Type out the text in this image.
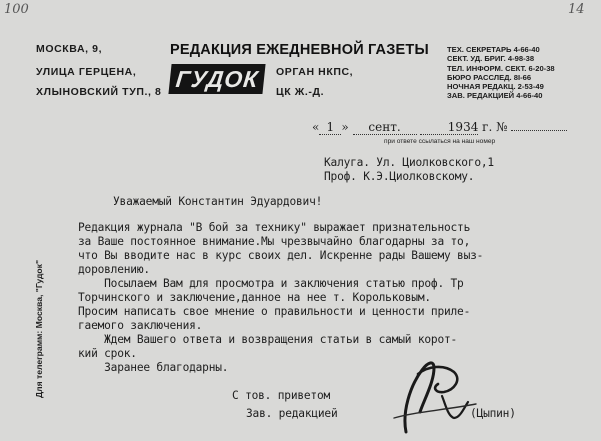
100	14
МОСКВА, 9,
УЛИЦА ГЕРЦЕНА,
ХЛЫНОВСКИЙ ТУП., 8
РЕДАКЦИЯ ЕЖЕДНЕВНОЙ ГАЗЕТЫ
ГУДОК	ОРГАН НКПС,
ЦК Ж.-Д.
ТЕХ. СЕКРЕТАРЬ 4-66-40
СЕКТ. УД. БРИГ. 4-98-38
ТЕЛ. ИНФОРМ. СЕКТ. 6-20-38
БЮРО РАССЛЕД. 8I-66
НОЧНАЯ РЕДАКЦ. 2-53-49
ЗАВ. РЕДАКЦИЕЙ 4-66-40
« 1 » сент.	1934 г. №
при ответе ссылаться на наш номер
Калуга. Ул. Циолковского,1
Проф. К.Э.Циолковскому.
Уважаемый Константин Эдуардович!
Для телеграмм: Москва, "Гудок"
Редакция журнала "В бой за технику" выражает признательность
за Ваше постоянное внимание.Мы чрезвычайно благодарны за то,
что Вы вводите нас в курс своих дел. Искренне рады Вашему выз-
доровлению.
Посылаем Вам для просмотра и заключения статью проф. Тр
Торчинского и заключение,данное на нее т. Корольковым.
Просим написать свое мнение о правильности и ценности приле-
гаемого заключения.
Ждем Вашего ответа и возвращения статьи в самый корот-
кий срок.
Заранее благодарны.
С тов. приветом
Зав. редакцией	(Цыпин)
